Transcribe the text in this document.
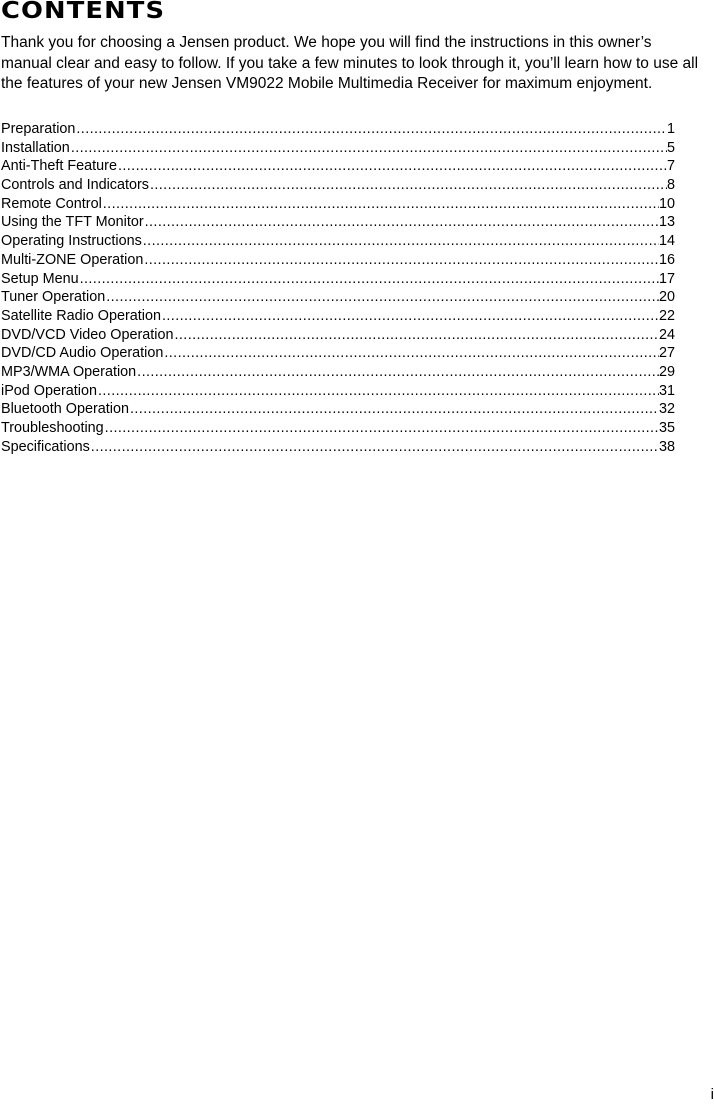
CONTENTS

Thank you for choosing a Jensen product. We hope you will find the instructions in this owner’s manual clear and easy to follow. If you take a few minutes to look through it, you’ll learn how to use all the features of your new Jensen VM9022 Mobile Multimedia Receiver for maximum enjoyment.

Preparation .....	1
Installation .....	5
Anti-Theft Feature .....	7
Controls and Indicators .....	8
Remote Control .....	10
Using the TFT Monitor .....	13
Operating Instructions .....	14
Multi-ZONE Operation .....	16
Setup Menu .....	17
Tuner Operation .....	20
Satellite Radio Operation .....	22
DVD/VCD Video Operation .....	24
DVD/CD Audio Operation .....	27
MP3/WMA Operation .....	29
iPod Operation .....	31
Bluetooth Operation .....	32
Troubleshooting .....	35
Specifications .....	38
i
